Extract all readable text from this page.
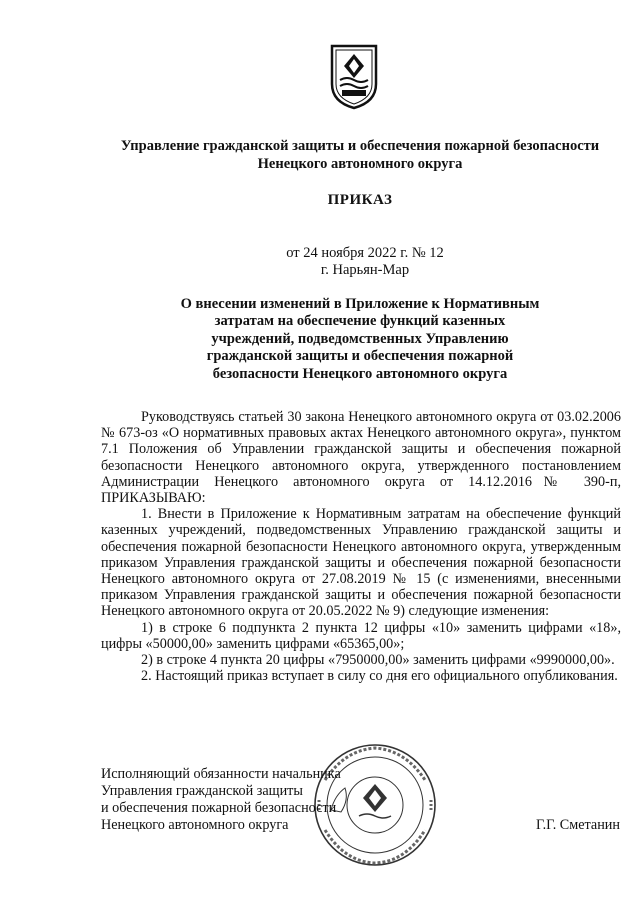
Управление гражданской защиты и обеспечения пожарной безопасности
Ненецкого автономного округа
ПРИКАЗ
от 24 ноября 2022 г. № 12
г. Нарьян-Мар
О внесении изменений в Приложение к Нормативным
затратам на обеспечение функций казенных
учреждений, подведомственных Управлению
гражданской защиты и обеспечения пожарной
безопасности Ненецкого автономного округа

Руководствуясь статьей 30 закона Ненецкого автономного округа от 03.02.2006 № 673-оз «О нормативных правовых актах Ненецкого автономного округа», пунктом 7.1 Положения об Управлении гражданской защиты и обеспечения пожарной безопасности Ненецкого автономного округа, утвержденного постановлением Администрации Ненецкого автономного округа от 14.12.2016№ 390-п, ПРИКАЗЫВАЮ:

1. Внести в Приложение к Нормативным затратам на обеспечение функций казенных учреждений, подведомственных Управлению гражданской защиты и обеспечения пожарной безопасности Ненецкого автономного округа, утвержденным приказом Управления гражданской защиты и обеспечения пожарной безопасности Ненецкого автономного округа от 27.08.2019 № 15 (с изменениями, внесенными приказом Управления гражданской защиты и обеспечения пожарной безопасности Ненецкого автономного округа от 20.05.2022 № 9) следующие изменения:

1) в строке 6 подпункта 2 пункта 12 цифры «10» заменить цифрами «18», цифры «50000,00» заменить цифрами «65365,00»;

2) в строке 4 пункта 20 цифры «7950000,00» заменить цифрами «9990000,00».

2. Настоящий приказ вступает в силу со дня его официального опубликования.

Исполняющий обязанности начальника
Управления гражданской защиты
и обеспечения пожарной безопасности
Ненецкого автономного округа	Г.Г. Сметанин
